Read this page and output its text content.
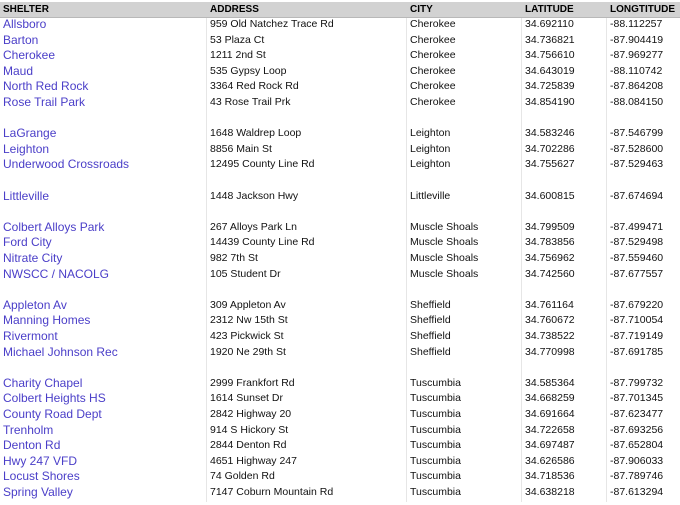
SHELTER	ADDRESS	CITY	LATITUDE	LONGTITUDE
Allsboro	959 Old Natchez Trace Rd	Cherokee	34.692110	-88.112257
Barton	53 Plaza Ct	Cherokee	34.736821	-87.904419
Cherokee	1211 2nd St	Cherokee	34.756610	-87.969277
Maud	535 Gypsy Loop	Cherokee	34.643019	-88.110742
North Red Rock	3364 Red Rock Rd	Cherokee	34.725839	-87.864208
Rose Trail Park	43 Rose Trail Prk	Cherokee	34.854190	-88.084150
LaGrange	1648 Waldrep Loop	Leighton	34.583246	-87.546799
Leighton	8856 Main St	Leighton	34.702286	-87.528600
Underwood Crossroads	12495 County Line Rd	Leighton	34.755627	-87.529463
Littleville	1448 Jackson Hwy	Littleville	34.600815	-87.674694
Colbert Alloys Park	267 Alloys Park Ln	Muscle Shoals	34.799509	-87.499471
Ford City	14439 County Line Rd	Muscle Shoals	34.783856	-87.529498
Nitrate City	982 7th St	Muscle Shoals	34.756962	-87.559460
NWSCC / NACOLG	105 Student Dr	Muscle Shoals	34.742560	-87.677557
Appleton Av	309 Appleton Av	Sheffield	34.761164	-87.679220
Manning Homes	2312 Nw 15th St	Sheffield	34.760672	-87.710054
Rivermont	423 Pickwick St	Sheffield	34.738522	-87.719149
Michael Johnson Rec	1920 Ne 29th St	Sheffield	34.770998	-87.691785
Charity Chapel	2999 Frankfort Rd	Tuscumbia	34.585364	-87.799732
Colbert Heights HS	1614 Sunset Dr	Tuscumbia	34.668259	-87.701345
County Road Dept	2842 Highway 20	Tuscumbia	34.691664	-87.623477
Trenholm	914 S Hickory St	Tuscumbia	34.722658	-87.693256
Denton Rd	2844 Denton Rd	Tuscumbia	34.697487	-87.652804
Hwy 247 VFD	4651 Highway 247	Tuscumbia	34.626586	-87.906033
Locust Shores	74 Golden Rd	Tuscumbia	34.718536	-87.789746
Spring Valley	7147 Coburn Mountain Rd	Tuscumbia	34.638218	-87.613294
